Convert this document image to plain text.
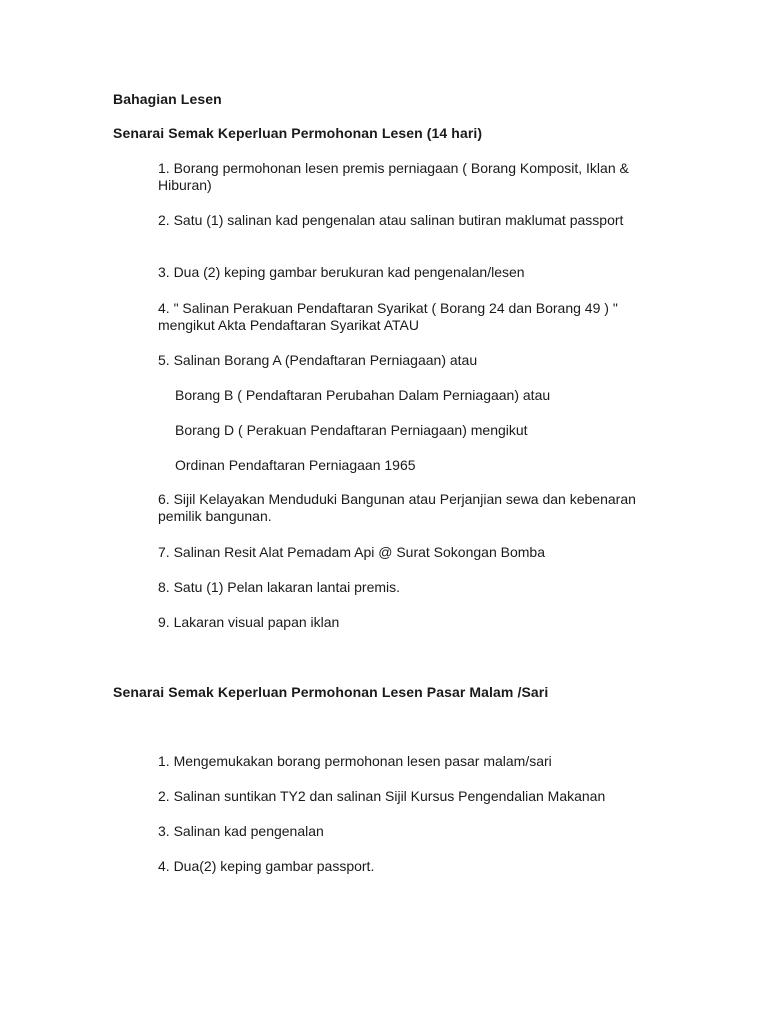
Bahagian Lesen
Senarai Semak Keperluan Permohonan Lesen (14 hari)
1. Borang permohonan lesen premis perniagaan ( Borang Komposit, Iklan & Hiburan)
2. Satu (1) salinan kad pengenalan atau salinan butiran maklumat passport
3. Dua (2) keping gambar berukuran kad pengenalan/lesen
4. " Salinan Perakuan Pendaftaran Syarikat ( Borang 24 dan Borang 49 ) " mengikut Akta Pendaftaran Syarikat ATAU
5. Salinan Borang A (Pendaftaran Perniagaan) atau
Borang B ( Pendaftaran Perubahan Dalam Perniagaan) atau
Borang D ( Perakuan Pendaftaran Perniagaan) mengikut
Ordinan Pendaftaran Perniagaan 1965
6. Sijil Kelayakan Menduduki Bangunan atau Perjanjian sewa dan kebenaran pemilik bangunan.
7. Salinan Resit Alat Pemadam Api @ Surat Sokongan Bomba
8. Satu (1) Pelan lakaran lantai premis.
9. Lakaran visual papan iklan
Senarai Semak Keperluan Permohonan Lesen Pasar Malam /Sari
1. Mengemukakan borang permohonan lesen pasar malam/sari
2. Salinan suntikan TY2 dan salinan Sijil Kursus Pengendalian Makanan
3. Salinan kad pengenalan
4. Dua(2) keping gambar passport.
